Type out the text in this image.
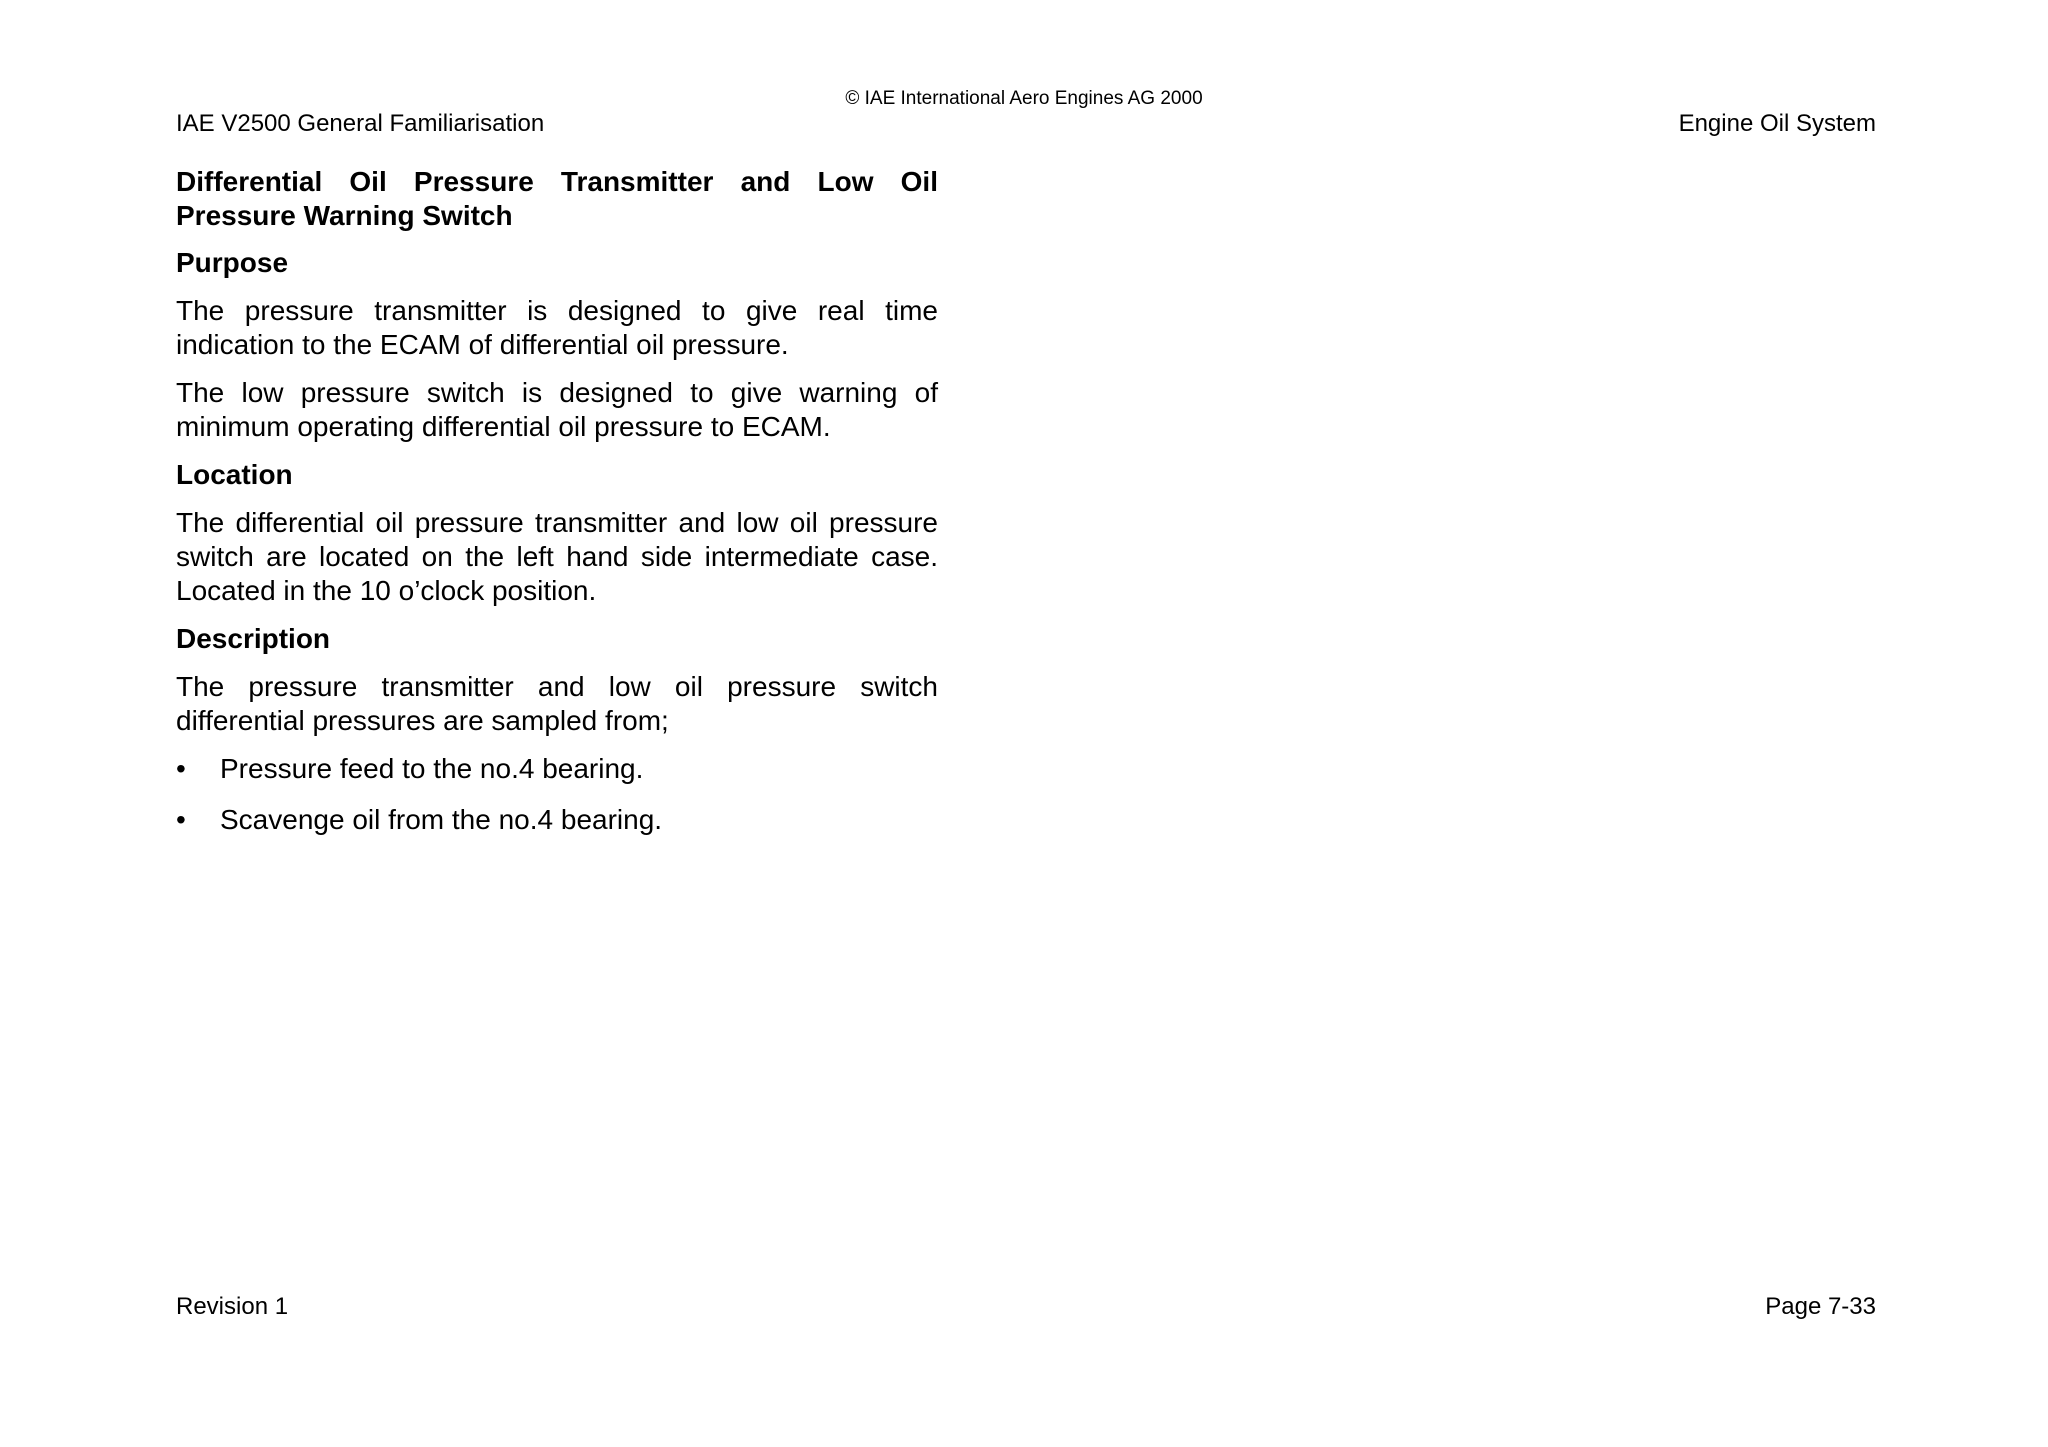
© IAE International Aero Engines AG 2000
IAE V2500 General Familiarisation	Engine Oil System
Differential Oil Pressure Transmitter and Low Oil Pressure Warning Switch
Purpose

The pressure transmitter is designed to give real time indication to the ECAM of differential oil pressure.

The low pressure switch is designed to give warning of minimum operating differential oil pressure to ECAM.

Location

The differential oil pressure transmitter and low oil pressure switch are located on the left hand side intermediate case. Located in the 10 o’clock position.

Description

The pressure transmitter and low oil pressure switch differential pressures are sampled from;

• Pressure feed to the no.4 bearing.
• Scavenge oil from the no.4 bearing.
Revision 1	Page 7-33
